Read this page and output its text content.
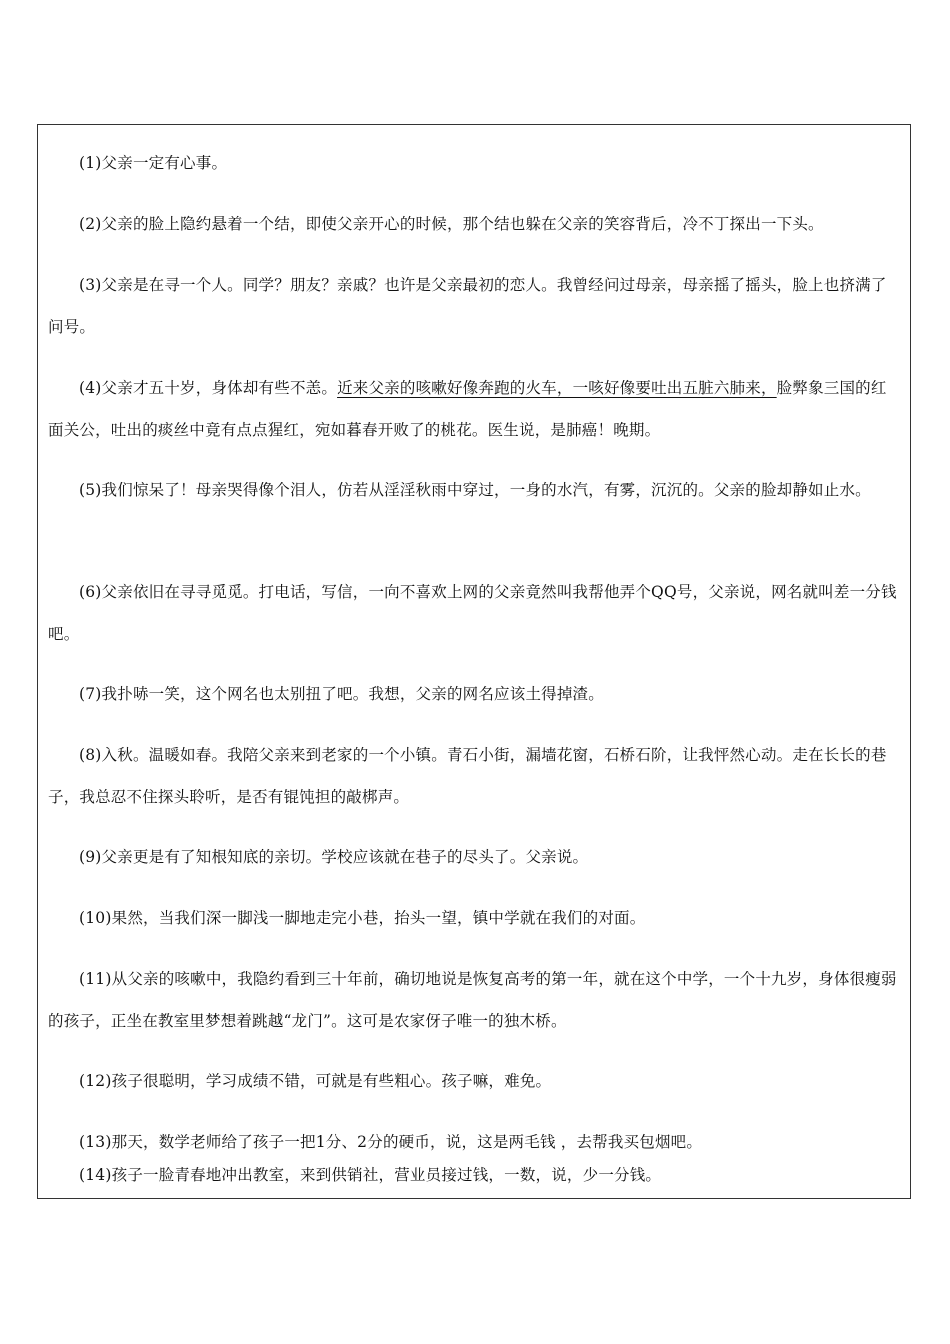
(1)父亲一定有心事。

(2)父亲的脸上隐约悬着一个结，即使父亲开心的时候，那个结也躲在父亲的笑容背后，冷不丁探出一下头。

(3)父亲是在寻一个人。同学？朋友？亲戚？也许是父亲最初的恋人。我曾经问过母亲，母亲摇了摇头，脸上也挤满了问号。

(4)父亲才五十岁，身体却有些不恙。近来父亲的咳嗽好像奔跑的火车，一咳好像要吐出五脏六肺来，脸弊象三国的红面关公，吐出的痰丝中竟有点点猩红，宛如暮春开败了的桃花。医生说，是肺癌！晚期。

(5)我们惊呆了！母亲哭得像个泪人，仿若从淫淫秋雨中穿过，一身的水汽，有雾，沉沉的。父亲的脸却静如止水。

(6)父亲依旧在寻寻觅觅。打电话，写信，一向不喜欢上网的父亲竟然叫我帮他弄个QQ号，父亲说，网名就叫差一分钱吧。

(7)我扑哧一笑，这个网名也太别扭了吧。我想，父亲的网名应该土得掉渣。

(8)入秋。温暖如春。我陪父亲来到老家的一个小镇。青石小街，漏墙花窗，石桥石阶，让我怦然心动。走在长长的巷子，我总忍不住探头聆听，是否有锟饨担的敲梆声。

(9)父亲更是有了知根知底的亲切。学校应该就在巷子的尽头了。父亲说。

(10)果然，当我们深一脚浅一脚地走完小巷，抬头一望，镇中学就在我们的对面。

(11)从父亲的咳嗽中，我隐约看到三十年前，确切地说是恢复高考的第一年，就在这个中学，一个十九岁，身体很瘦弱的孩子，正坐在教室里梦想着跳越“龙门”。这可是农家伢子唯一的独木桥。

(12)孩子很聪明，学习成绩不错，可就是有些粗心。孩子嘛，难免。

(13)那天，数学老师给了孩子一把1分、2分的硬币，说，这是两毛钱 ，去帮我买包烟吧。

(14)孩子一脸青春地冲出教室，来到供销社，营业员接过钱，一数，说，少一分钱。
